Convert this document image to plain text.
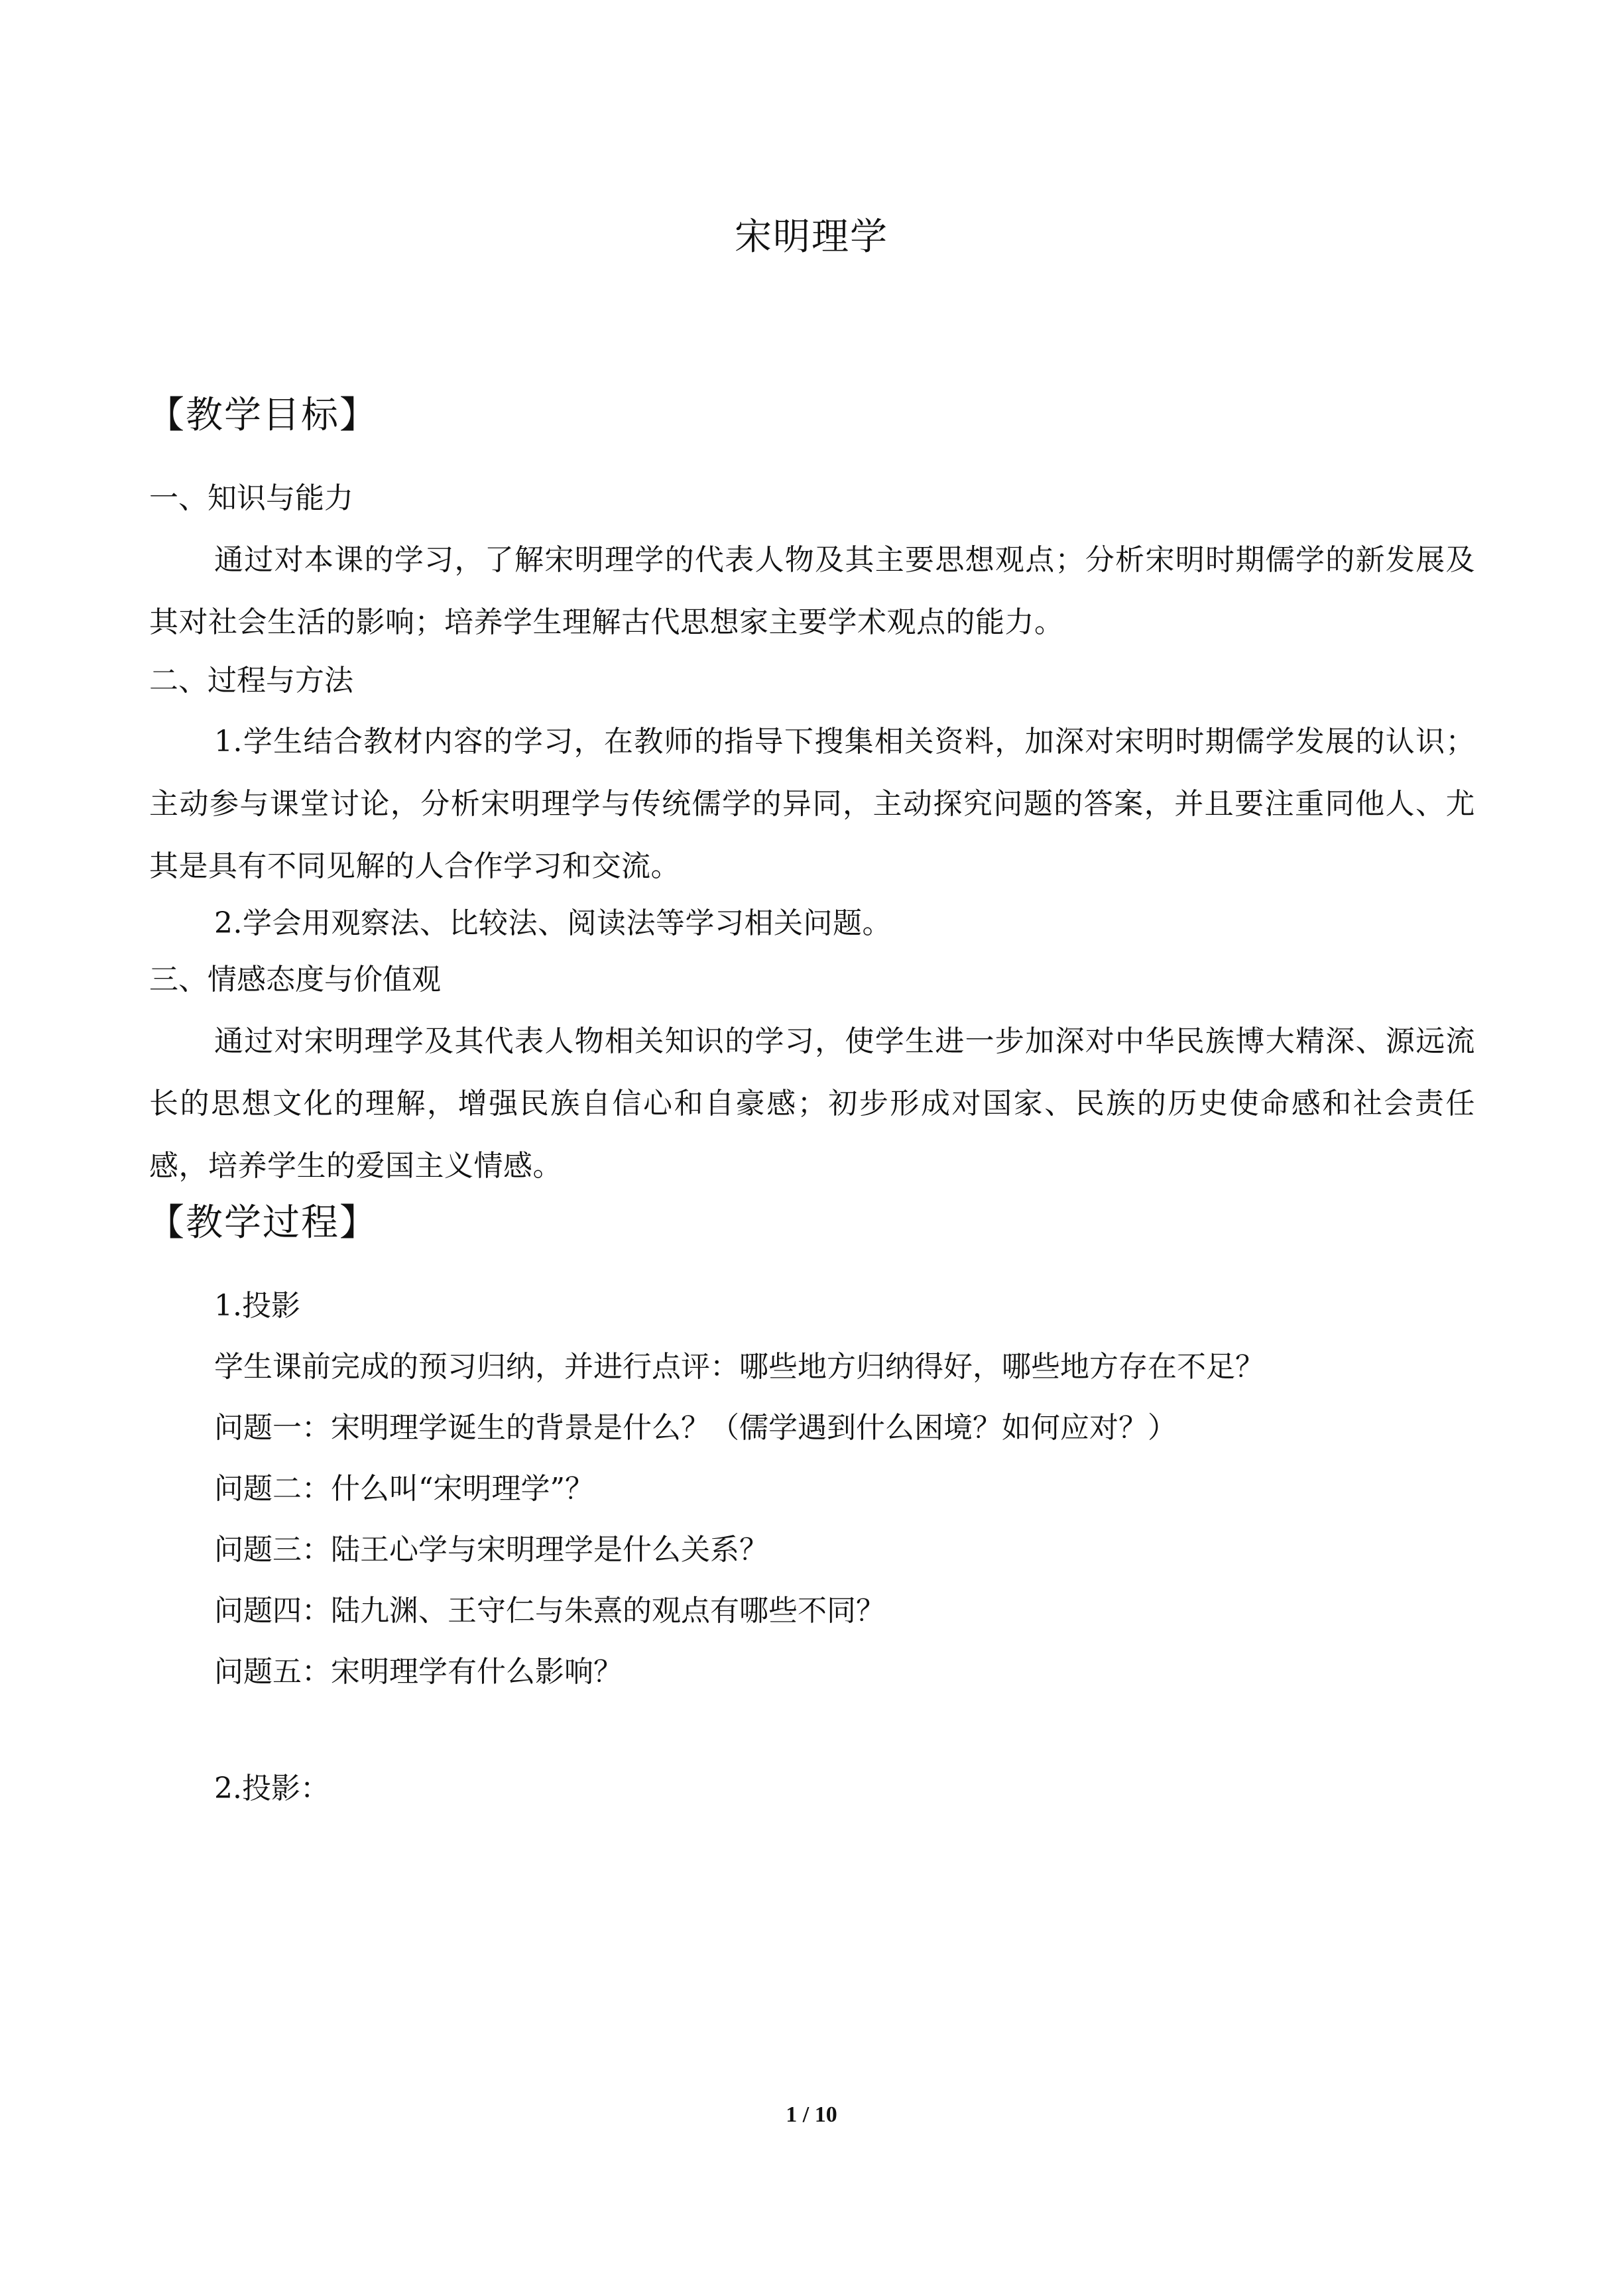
宋明理学
【教学目标】
一、知识与能力
通过对本课的学习，了解宋明理学的代表人物及其主要思想观点；分析宋明时期儒学的新发展及其对社会生活的影响；培养学生理解古代思想家主要学术观点的能力。
二、过程与方法
1.学生结合教材内容的学习，在教师的指导下搜集相关资料，加深对宋明时期儒学发展的认识；主动参与课堂讨论，分析宋明理学与传统儒学的异同，主动探究问题的答案，并且要注重同他人、尤其是具有不同见解的人合作学习和交流。
2.学会用观察法、比较法、阅读法等学习相关问题。
三、情感态度与价值观
通过对宋明理学及其代表人物相关知识的学习，使学生进一步加深对中华民族博大精深、源远流长的思想文化的理解，增强民族自信心和自豪感；初步形成对国家、民族的历史使命感和社会责任感，培养学生的爱国主义情感。
【教学过程】
1.投影
学生课前完成的预习归纳，并进行点评：哪些地方归纳得好，哪些地方存在不足？
问题一：宋明理学诞生的背景是什么？（儒学遇到什么困境？如何应对？）
问题二：什么叫“宋明理学”？
问题三：陆王心学与宋明理学是什么关系？
问题四：陆九渊、王守仁与朱熹的观点有哪些不同？
问题五：宋明理学有什么影响？
2.投影：
1 / 10
